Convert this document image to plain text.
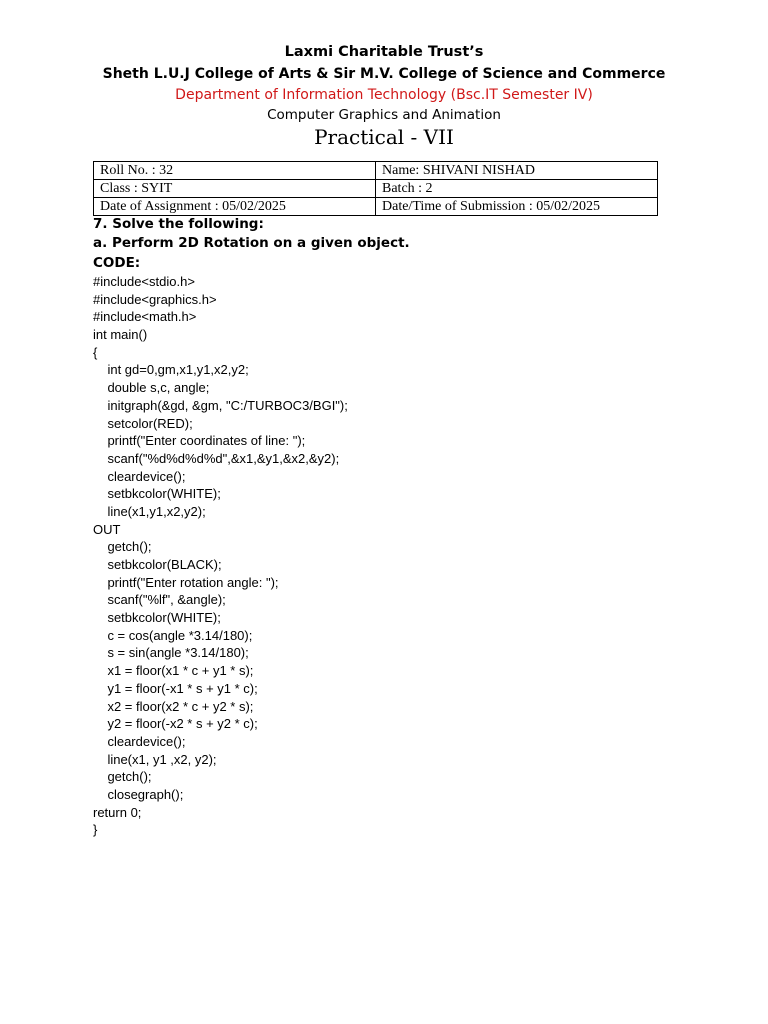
Laxmi Charitable Trust’s
Sheth L.U.J College of Arts & Sir M.V. College of Science and Commerce
Department of Information Technology (Bsc.IT Semester IV)
Computer Graphics and Animation
Practical - VII
Roll No. : 32	Name: SHIVANI NISHAD
Class : SYIT	Batch : 2
Date of Assignment : 05/02/2025	Date/Time of Submission : 05/02/2025
7. Solve the following:
a. Perform 2D Rotation on a given object.
CODE:
#include<stdio.h>
#include<graphics.h>
#include<math.h>
int main()
{
int gd=0,gm,x1,y1,x2,y2;
double s,c, angle;
initgraph(&gd, &gm, "C:/TURBOC3/BGI");
setcolor(RED);
printf("Enter coordinates of line: ");
scanf("%d%d%d%d",&x1,&y1,&x2,&y2);
cleardevice();
setbkcolor(WHITE);
line(x1,y1,x2,y2);
OUT
getch();
setbkcolor(BLACK);
printf("Enter rotation angle: ");
scanf("%lf", &angle);
setbkcolor(WHITE);
c = cos(angle *3.14/180);
s = sin(angle *3.14/180);
x1 = floor(x1 * c + y1 * s);
y1 = floor(-x1 * s + y1 * c);
x2 = floor(x2 * c + y2 * s);
y2 = floor(-x2 * s + y2 * c);
cleardevice();
line(x1, y1 ,x2, y2);
getch();
closegraph();
return 0;
}
